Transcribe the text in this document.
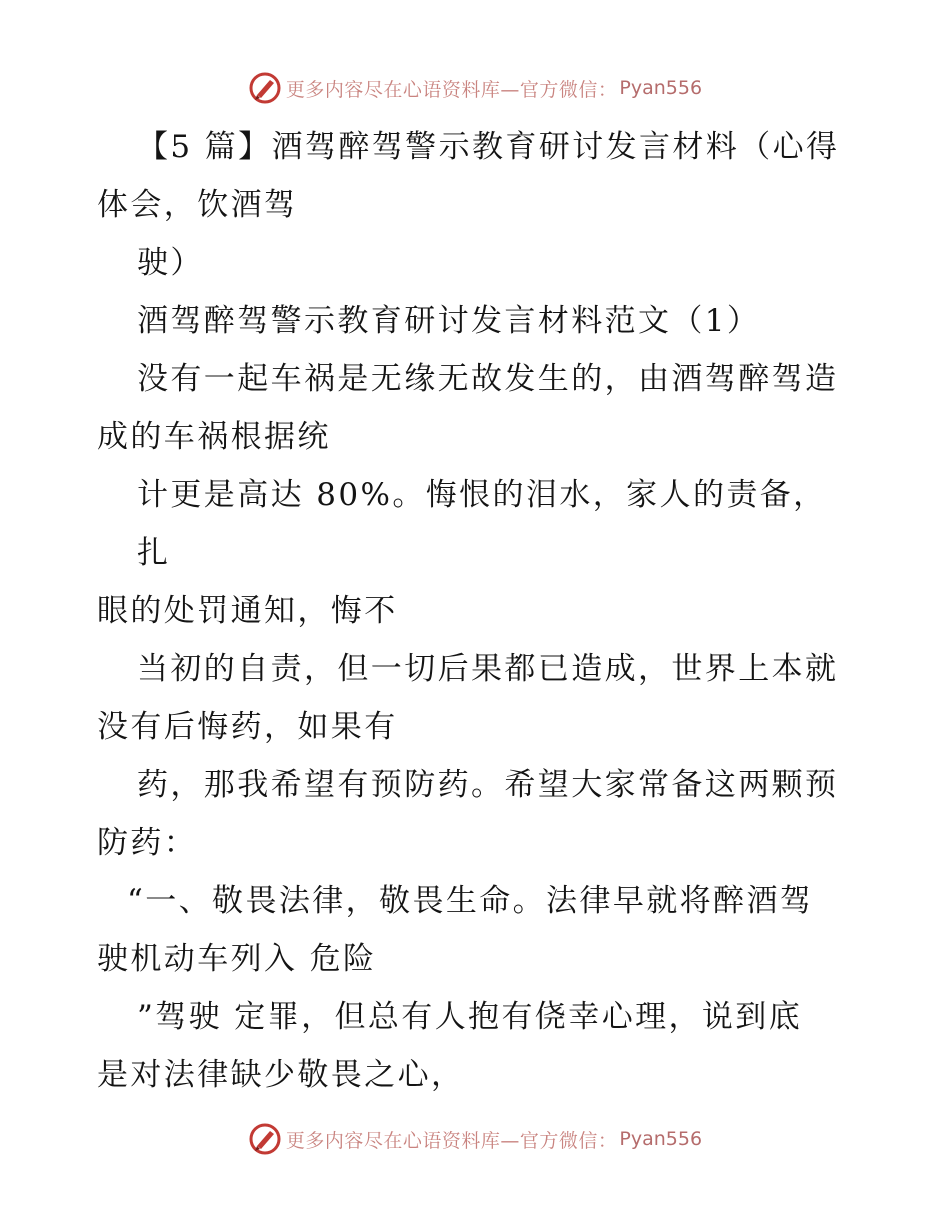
更多内容尽在心语资料库—官方微信： Pyan556

【5 篇】酒驾醉驾警示教育研讨发言材料（心得

体会，饮酒驾

驶）

酒驾醉驾警示教育研讨发言材料范文（1）

没有一起车祸是无缘无故发生的，由酒驾醉驾造

成的车祸根据统

计更是高达 80%。悔恨的泪水，家人的责备，扎

眼的处罚通知，悔不

当初的自责，但一切后果都已造成，世界上本就

没有后悔药，如果有

药，那我希望有预防药。希望大家常备这两颗预

防药：

“一、敬畏法律，敬畏生命。法律早就将醉酒驾

驶机动车列入 危险

”驾驶 定罪，但总有人抱有侥幸心理，说到底

是对法律缺少敬畏之心，

更多内容尽在心语资料库—官方微信： Pyan556
